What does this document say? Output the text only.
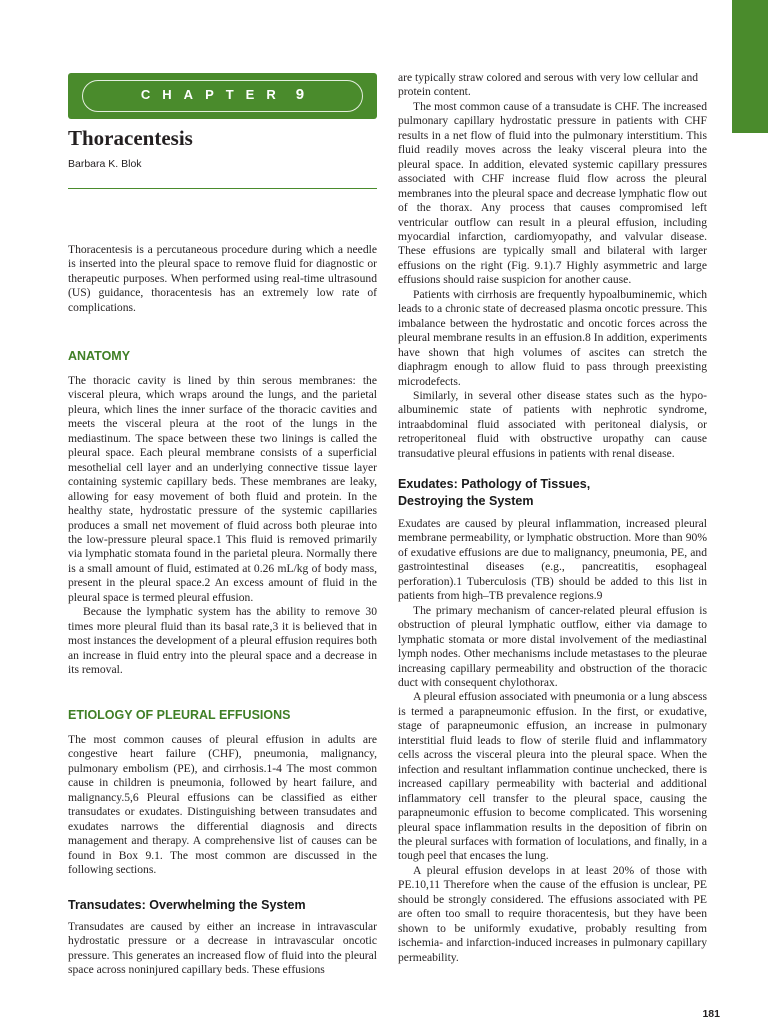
CHAPTER 9
Thoracentesis
Barbara K. Blok

Thoracentesis is a percutaneous procedure during which a needle is inserted into the pleural space to remove fluid for diagnostic or therapeutic purposes. When performed using real-time ultrasound (US) guidance, thoracentesis has an extremely low rate of complications.

ANATOMY

The thoracic cavity is lined by thin serous membranes: the visceral pleura, which wraps around the lungs, and the parietal pleura, which lines the inner surface of the thoracic cavities and meets the visceral pleura at the root of the lungs in the mediastinum. The space between these two linings is called the pleural space. Each pleural membrane consists of a superficial mesothelial cell layer and an underlying connective tissue layer containing systemic capillary beds. These membranes are leaky, allowing for easy movement of both fluid and protein. In the healthy state, hydrostatic pressure of the systemic capillaries produces a small net movement of fluid across both pleurae into the low-pressure pleural space.1 This fluid is removed primarily via lymphatic stomata found in the parietal pleura. Normally there is a small amount of fluid, estimated at 0.26 mL/kg of body mass, present in the pleural space.2 An excess amount of fluid in the pleural space is termed pleural effusion.

Because the lymphatic system has the ability to remove 30 times more pleural fluid than its basal rate,3 it is believed that in most instances the development of a pleural effusion requires both an increase in fluid entry into the pleural space and a decrease in its removal.

ETIOLOGY OF PLEURAL EFFUSIONS

The most common causes of pleural effusion in adults are congestive heart failure (CHF), pneumonia, malignancy, pulmonary embolism (PE), and cirrhosis.1-4 The most common cause in children is pneumonia, followed by heart failure, and malignancy.5,6 Pleural effusions can be classified as either transudates or exudates. Distinguishing between transudates and exudates narrows the differential diagnosis and directs management and therapy. A comprehensive list of causes can be found in Box 9.1. The most common are discussed in the following sections.

Transudates: Overwhelming the System

Transudates are caused by either an increase in intravascular hydrostatic pressure or a decrease in intravascular oncotic pressure. This generates an increased flow of fluid into the pleural space across noninjured capillary beds. These effusions

are typically straw colored and serous with very low cellular and protein content.

The most common cause of a transudate is CHF. The increased pulmonary capillary hydrostatic pressure in patients with CHF results in a net flow of fluid into the pulmonary interstitium. This fluid readily moves across the leaky visceral pleura into the pleural space. In addition, elevated systemic capillary pressures associated with CHF increase fluid flow across the pleural membranes into the pleural space and decrease lymphatic flow out of the thorax. Any process that causes compromised left ventricular outflow can result in a pleural effusion, including myocardial infarction, cardiomyopathy, and valvular disease. These effusions are typically small and bilateral with larger effusions on the right (Fig. 9.1).7 Highly asymmetric and large effusions should raise suspicion for another cause.

Patients with cirrhosis are frequently hypoalbuminemic, which leads to a chronic state of decreased plasma oncotic pressure. This imbalance between the hydrostatic and oncotic forces across the pleural membrane results in an effusion.8 In addition, experiments have shown that high volumes of ascites can stretch the diaphragm enough to allow fluid to pass through preexisting microdefects.

Similarly, in several other disease states such as the hypo-albuminemic state of patients with nephrotic syndrome, intraabdominal fluid associated with peritoneal dialysis, or retroperitoneal fluid with obstructive uropathy can cause transudative pleural effusions in patients with renal disease.

Exudates: Pathology of Tissues,
Destroying the System

Exudates are caused by pleural inflammation, increased pleural membrane permeability, or lymphatic obstruction. More than 90% of exudative effusions are due to malignancy, pneumonia, PE, and gastrointestinal diseases (e.g., pancreatitis, esophageal perforation).1 Tuberculosis (TB) should be added to this list in patients from high–TB prevalence regions.9

The primary mechanism of cancer-related pleural effusion is obstruction of pleural lymphatic outflow, either via damage to lymphatic stomata or more distal involvement of the mediastinal lymph nodes. Other mechanisms include metastases to the pleurae increasing capillary permeability and obstruction of the thoracic duct with consequent chylothorax.

A pleural effusion associated with pneumonia or a lung abscess is termed a parapneumonic effusion. In the first, or exudative, stage of parapneumonic effusion, an increase in pulmonary interstitial fluid leads to flow of sterile fluid and inflammatory cells across the visceral pleura into the pleural space. When the infection and resultant inflammation continue unchecked, there is increased capillary permeability with bacterial and additional inflammatory cell transfer to the pleural space, causing the parapneumonic effusion to become complicated. This worsening pleural space inflammation results in the deposition of fibrin on the pleural surfaces with formation of loculations, and finally, in a tough peel that encases the lung.

A pleural effusion develops in at least 20% of those with PE.10,11 Therefore when the cause of the effusion is unclear, PE should be strongly considered. The effusions associated with PE are often too small to require thoracentesis, but they have been shown to be uniformly exudative, probably resulting from ischemia- and infarction-induced increases in pulmonary capillary permeability.

181
